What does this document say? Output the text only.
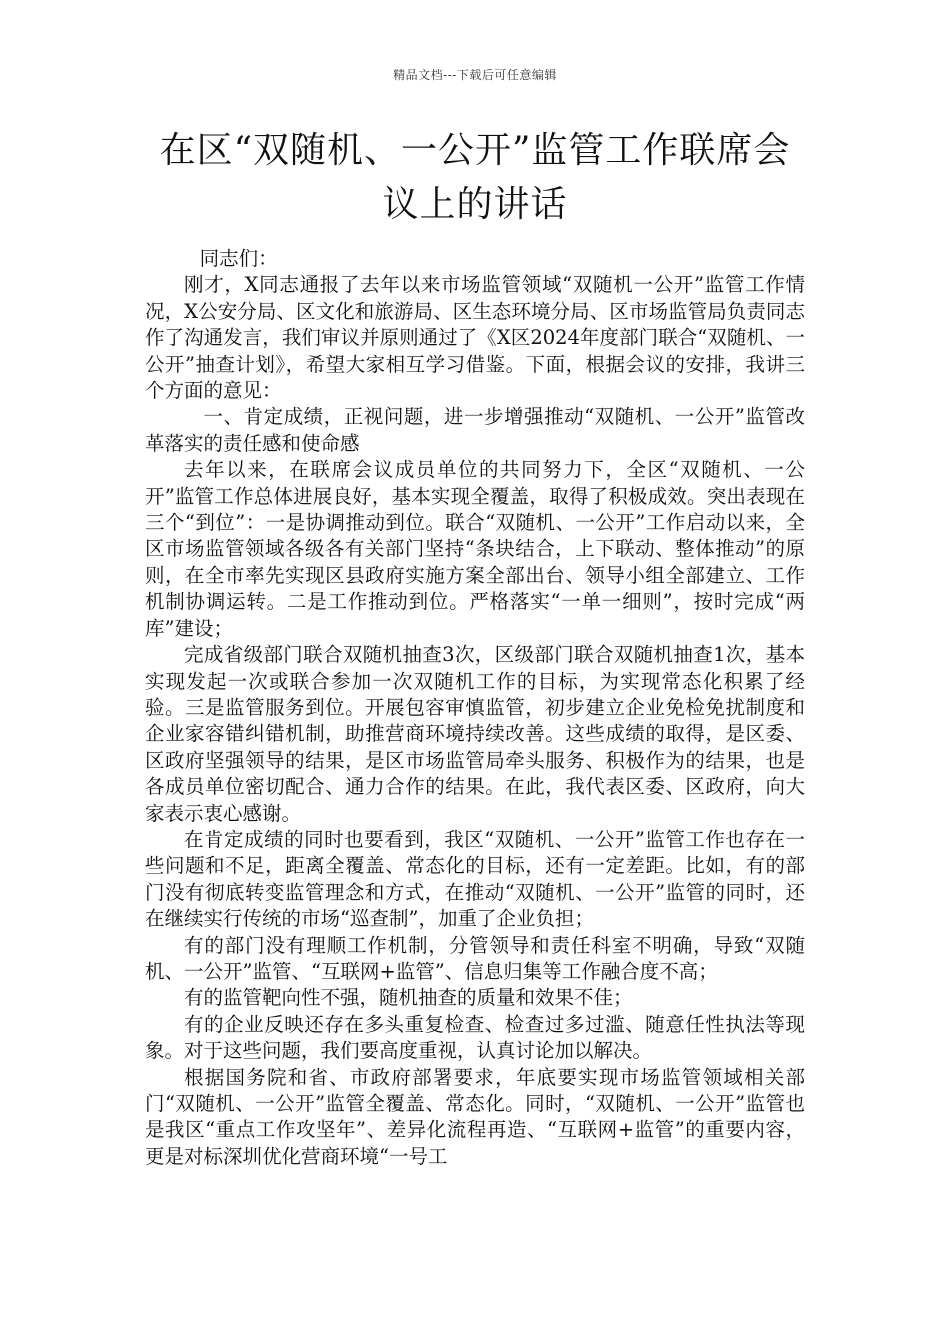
精品文档---下载后可任意编辑
在区“双随机、一公开”监管工作联席会议上的讲话

同志们：

刚才，X同志通报了去年以来市场监管领域“双随机一公开”监管工作情况，X公安分局、区文化和旅游局、区生态环境分局、区市场监管局负责同志作了沟通发言，我们审议并原则通过了《X区2024年度部门联合“双随机、一公开”抽查计划》，希望大家相互学习借鉴。下面，根据会议的安排，我讲三个方面的意见：

一、肯定成绩，正视问题，进一步增强推动“双随机、一公开”监管改革落实的责任感和使命感

去年以来，在联席会议成员单位的共同努力下，全区“双随机、一公开”监管工作总体进展良好，基本实现全覆盖，取得了积极成效。突出表现在三个“到位”：一是协调推动到位。联合“双随机、一公开”工作启动以来，全区市场监管领域各级各有关部门坚持“条块结合，上下联动、整体推动”的原则，在全市率先实现区县政府实施方案全部出台、领导小组全部建立、工作机制协调运转。二是工作推动到位。严格落实“一单一细则”，按时完成“两库”建设；

完成省级部门联合双随机抽查3次，区级部门联合双随机抽查1次，基本实现发起一次或联合参加一次双随机工作的目标，为实现常态化积累了经验。三是监管服务到位。开展包容审慎监管，初步建立企业免检免扰制度和企业家容错纠错机制，助推营商环境持续改善。这些成绩的取得，是区委、区政府坚强领导的结果，是区市场监管局牵头服务、积极作为的结果，也是各成员单位密切配合、通力合作的结果。在此，我代表区委、区政府，向大家表示衷心感谢。

在肯定成绩的同时也要看到，我区“双随机、一公开”监管工作也存在一些问题和不足，距离全覆盖、常态化的目标，还有一定差距。比如，有的部门没有彻底转变监管理念和方式，在推动“双随机、一公开”监管的同时，还在继续实行传统的市场“巡查制”，加重了企业负担；

有的部门没有理顺工作机制，分管领导和责任科室不明确，导致“双随机、一公开”监管、“互联网+监管”、信息归集等工作融合度不高；

有的监管靶向性不强，随机抽查的质量和效果不佳；

有的企业反映还存在多头重复检查、检查过多过滥、随意任性执法等现象。对于这些问题，我们要高度重视，认真讨论加以解决。

根据国务院和省、市政府部署要求，年底要实现市场监管领域相关部门“双随机、一公开”监管全覆盖、常态化。同时，“双随机、一公开”监管也是我区“重点工作攻坚年”、差异化流程再造、“互联网+监管”的重要内容，更是对标深圳优化营商环境“一号工
